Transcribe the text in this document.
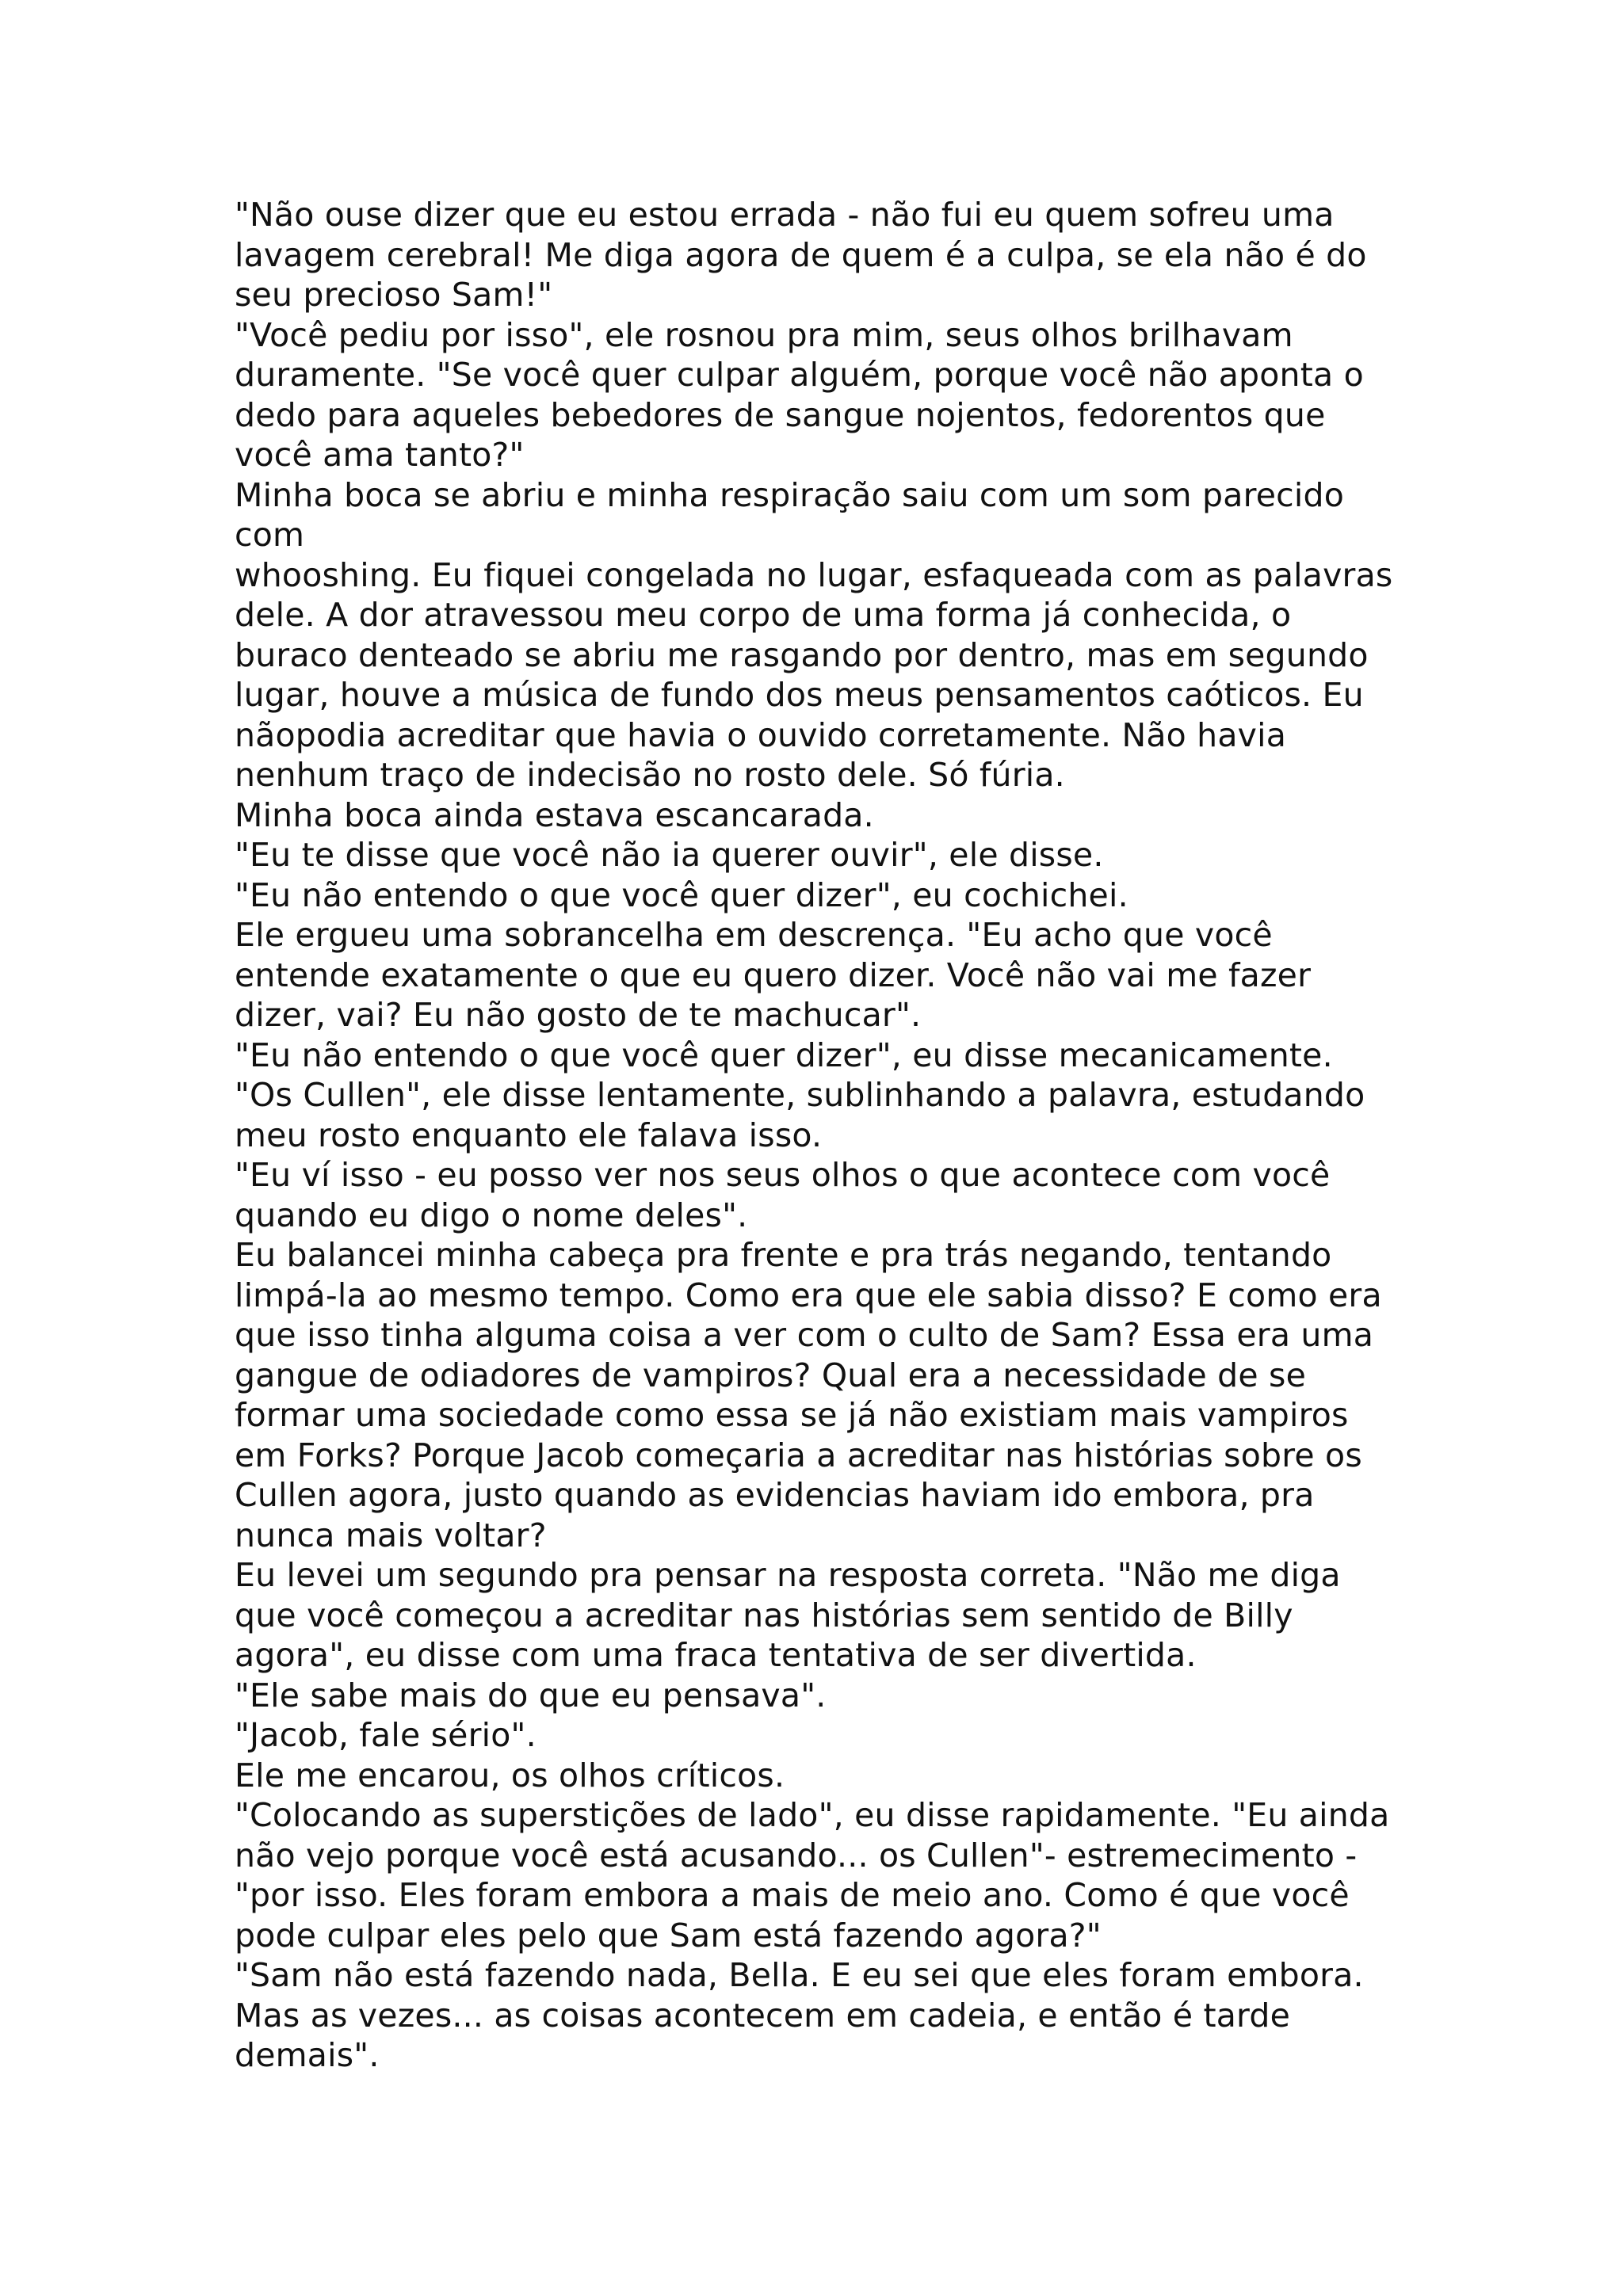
"Não ouse dizer que eu estou errada - não fui eu quem sofreu uma
lavagem cerebral! Me diga agora de quem é a culpa, se ela não é do
seu precioso Sam!"
"Você pediu por isso", ele rosnou pra mim, seus olhos brilhavam
duramente. "Se você quer culpar alguém, porque você não aponta o
dedo para aqueles bebedores de sangue nojentos, fedorentos que
você ama tanto?"
Minha boca se abriu e minha respiração saiu com um som parecido
com
whooshing. Eu fiquei congelada no lugar, esfaqueada com as palavras
dele. A dor atravessou meu corpo de uma forma já conhecida, o
buraco denteado se abriu me rasgando por dentro, mas em segundo
lugar, houve a música de fundo dos meus pensamentos caóticos. Eu
nãopodia acreditar que havia o ouvido corretamente. Não havia
nenhum traço de indecisão no rosto dele. Só fúria.
Minha boca ainda estava escancarada.
"Eu te disse que você não ia querer ouvir", ele disse.
"Eu não entendo o que você quer dizer", eu cochichei.
Ele ergueu uma sobrancelha em descrença. "Eu acho que você
entende exatamente o que eu quero dizer. Você não vai me fazer
dizer, vai? Eu não gosto de te machucar".
"Eu não entendo o que você quer dizer", eu disse mecanicamente.
"Os Cullen", ele disse lentamente, sublinhando a palavra, estudando
meu rosto enquanto ele falava isso.
"Eu ví isso - eu posso ver nos seus olhos o que acontece com você
quando eu digo o nome deles".
Eu balancei minha cabeça pra frente e pra trás negando, tentando
limpá-la ao mesmo tempo. Como era que ele sabia disso? E como era
que isso tinha alguma coisa a ver com o culto de Sam? Essa era uma
gangue de odiadores de vampiros? Qual era a necessidade de se
formar uma sociedade como essa se já não existiam mais vampiros
em Forks? Porque Jacob começaria a acreditar nas histórias sobre os
Cullen agora, justo quando as evidencias haviam ido embora, pra
nunca mais voltar?
Eu levei um segundo pra pensar na resposta correta. "Não me diga
que você começou a acreditar nas histórias sem sentido de Billy
agora", eu disse com uma fraca tentativa de ser divertida.
"Ele sabe mais do que eu pensava".
"Jacob, fale sério".
Ele me encarou, os olhos críticos.
"Colocando as superstições de lado", eu disse rapidamente. "Eu ainda
não vejo porque você está acusando... os Cullen"- estremecimento -
"por isso. Eles foram embora a mais de meio ano. Como é que você
pode culpar eles pelo que Sam está fazendo agora?"
"Sam não está fazendo nada, Bella. E eu sei que eles foram embora.
Mas as vezes... as coisas acontecem em cadeia, e então é tarde
demais".
